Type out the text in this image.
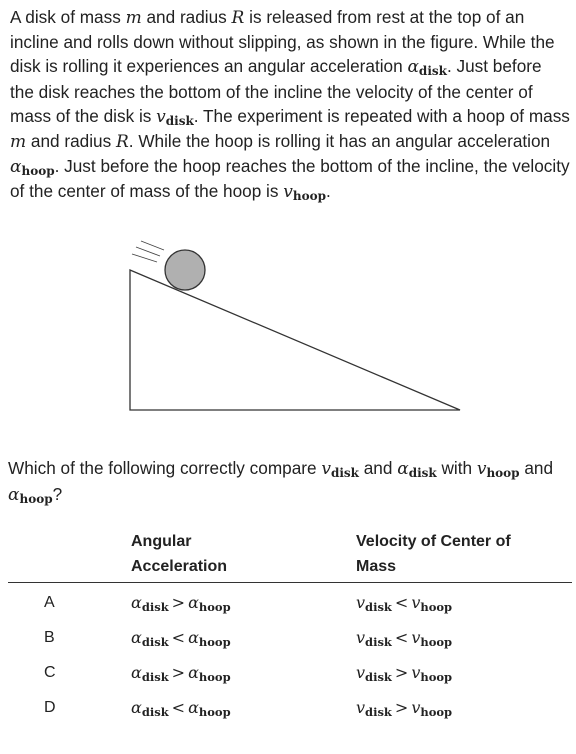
A disk of mass m and radius R is released from rest at the top of an incline and rolls down without slipping, as shown in the figure. While the disk is rolling it experiences an angular acceleration $\alpha_{disk}$. Just before the disk reaches the bottom of the incline the velocity of the center of mass of the disk is $v_{disk}$. The experiment is repeated with a hoop of mass m and radius R. While the hoop is rolling it has an angular acceleration $\alpha_{hoop}$. Just before the hoop reaches the bottom of the incline, the velocity of the center of mass of the hoop is $v_{hoop}$.

Which of the following correctly compare $v_{disk}$ and $\alpha_{disk}$ with $v_{hoop}$ and $\alpha_{hoop}$?

Angular
Acceleration
Velocity of Center of
Mass
A	$\alpha_{disk} > \alpha_{hoop}$	$v_{disk} < v_{hoop}$
B	$\alpha_{disk} < \alpha_{hoop}$	$v_{disk} < v_{hoop}$
C	$\alpha_{disk} > \alpha_{hoop}$	$v_{disk} > v_{hoop}$
D	$\alpha_{disk} < \alpha_{hoop}$	$v_{disk} > v_{hoop}$
